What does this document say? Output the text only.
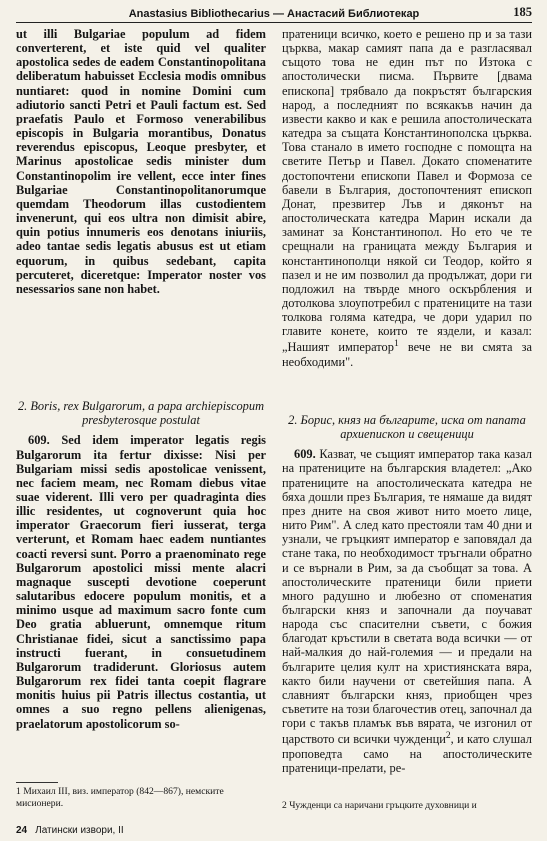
Anastasius Bibliothecarius — Анастасий Библиотекар	185

ut illi Bulgariae populum ad fidem converterent, et iste quid vel qualiter apostolica sedes de eadem Constantinopolitana deliberatum habuisset Ecclesia modis omnibus nuntiaret: quod in nomine Domini cum adiutorio sancti Petri et Pauli factum est. Sed praefatis Paulo et Formoso venerabilibus episcopis in Bulgaria morantibus, Donatus reverendus episcopus, Leoque presbyter, et Marinus apostolicae sedis minister dum Constantinopolim ire vellent, ecce inter fines Bulgariae Constantinopolitanorumque quemdam Theodorum illas custodientem invenerunt, qui eos ultra non dimisit abire, quin potius innumeris eos denotans iniuriis, adeo tantae sedis legatis abusus est ut etiam equorum, in quibus sedebant, capita percuteret, diceretque: Imperator noster vos nesessarios sane non habet.

2. Boris, rex Bulgarorum, a papa archiepiscopum presbyterosque postulat

609. Sed idem imperator legatis regis Bulgarorum ita fertur dixisse: Nisi per Bulgariam missi sedis apostolicae venissent, nec faciem meam, nec Romam diebus vitae suae viderent. Illi vero per quadraginta dies illic residentes, ut cognoverunt quia hoc imperator Graecorum fieri iusserat, terga verterunt, et Romam haec eadem nuntiantes coacti reversi sunt. Porro a praenominato rege Bulgarorum apostolici missi mente alacri magnaque suscepti devotione coeperunt salutaribus edocere populum monitis, et a minimo usque ad maximum sacro fonte cum Deo gratia abluerunt, omnemque ritum Christianae fidei, sicut a sanctissimo papa instructi fuerant, in consuetudinem Bulgarorum tradiderunt. Gloriosus autem Bulgarorum rex fidei tanta coepit flagrare monitis huius pii Patris illectus costantia, ut omnes a suo regno pellens alienigenas, praelatorum apostolicorum so-

пратеници всичко, което е решено пр и за тази църква, макар самият папа да е разгласявал същото това не един път по Изтока с апостолически писма. Първите [двама епископа] трябвало да покръстят българския народ, а последният по всякакъв начин да извести какво и как е решила апостолическата катедра за същата Константинополска църква. Това станало в името господне с помощта на светите Петър и Павел. Докато споменатите достопочтени епископи Павел и Формоза се бавели в България, достопочтеният епископ Донат, презвитер Лъв и дяконът на апостолическата катедра Марин искали да заминат за Константинопол. Но ето че те срещнали на границата между България и константинополци някой си Теодор, който я пазел и не им позволил да продължат, дори ги подложил на твърде много оскърбления и дотолкова злоупотребил с пратениците на тази толкова голяма катедра, че дори ударил по главите конете, които те яздели, и казал: „Нашият император$^1$ вече не ви смята за необходими".

2. Борис, княз на българите, иска от папата архиепископ и свещеници

609. Казват, че същият император така казал на пратениците на българския владетел: „Ако пратениците на апостолическата катедра не бяха дошли през България, те нямаше да видят през дните на своя живот нито моето лице, нито Рим". А след като престояли там 40 дни и узнали, че гръцкият император е заповядал да стане така, по необходимост тръгнали обратно и се върнали в Рим, за да съобщат за това. А апостолическите пратеници били приети много радушно и любезно от споменатия български княз и започнали да поучават народа със спасителни съвети, с божия благодат кръстили в светата вода всички — от най-малкия до най-големия — и предали на българите целия култ на християнската вяра, както били научени от светейшия папа. А славният български княз, приобщен чрез съветите на този благочестив отец, започнал да гори с такъв пламък във вярата, че изгонил от царството си всички чужденци$^2$, и като слушал проповедта само на апостолическите пратеници-прелати, ре-

1 Михаил III, виз. император (842—867), немските мисионери.	2 Чужденци са наричани гръцките духовници и
24 Латински извори, II
